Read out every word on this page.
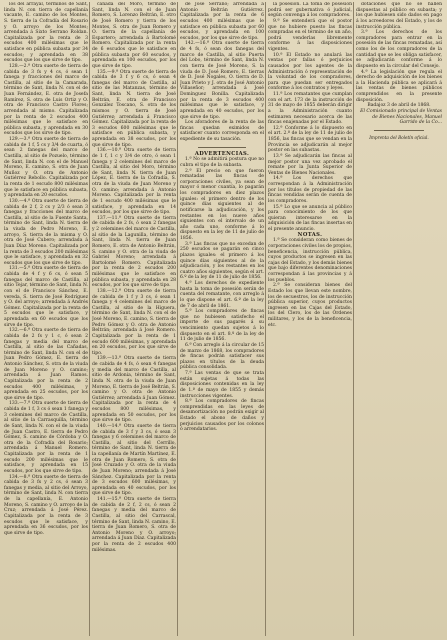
los del arrayal, términos de Sant, linda N. con tierra de capellanía vacante, E. camino de los Montes, S. tierra de la Cofradía del Rosario y O. arroyo de los Montes; arrendada á Sixto Serrano Roldan. Capitalizada por la renta de 3 escudos 400 milésimas que le satisface en pública subasta por 34 escudos; y aprendada en 38 escudos que los que sirve de tipo.

128.—2.ª Otra suerte de tierra de cabida de 3 fs y 4 cs, ó sean 1 fanega y fracciones del marco de Castilla, al sitio de la Camarada, término de Sant, linda N. con el de Juan Fernández, E. otra de Josefa Ramírez, S. otra de Luis Ortiz y O. otra de Francisco Castro Flores; arrendada al mismo. Capitalizada por la renta de 2 escudos 400 milésimas que le satisface en pública subasta, y aprendada en 30 escudos que los sirve de tipo.

129.—3.ª Otra suerte de tierra de cabida de 1 f, 5 cs y 3/4 de cuarta, ó sean 2 fanegas del marco de Castilla, al sitio de Pozuelo, término de Sant, linda N. con el de Manuel Moreno, E. camino, S. otra de Juan Muñoz y O. otra de Antonio Gutiérrez Rebollo. Capitalizada por la renta de 1 escudo 800 milésimas que le satisface en pública subasta, y aprendada en 20 escudos.

130.—4.ª Otra suerte de tierra de cabida de 2 f, 2 cs y 2/3 ó sean 3 fanegas y fracciones del marco de Castilla, al sitio de la Fuente Santa, término de Sant, linda N. tierra de la viuda de Pedro Moreno, E. arroyo, S. tierra de la misma y O. otra de José Cubero; arrendada á Juan Díaz Moreno. Capitalizada por la renta de 3 escudos 200 milésimas que le satisface, y aprendada en 32 escudos que los que sirve de tipo.

131.—5.ª Otra suerte de tierra de cabida de 4 f y 6 cs, ó sean 5 fanegas del marco de Castilla, al sitio Tejar, término de Sant, linda N. con el de Francisco Sánchez, E. vereda, S. tierra de José Rodríguez y O. del arroyo; arrendada á Andrés Gómez. Capitalizada por la renta de 5 escudos que le satisface, y aprendada en 60 escudos que los sirve de tipo.

132.—6.ª Otra suerte de tierra de cabida de 2 fs y 1 c, ó sean 2 fanegas y media del marco de Castilla, al sitio de las Cañadas, término de Sant, linda N. con el de Juan Pedro Gómez, E. tierra de Antonio Sánchez, S. otra de la viuda de Juan Moreno y O. camino; arrendada á Juan Ramos. Capitalizada por la renta de 2 escudos 400 milésimas, y aprendada en 25 escudos, por los que sirve de tipo.

133.—7.ª Otra suerte de tierra de cabida de 1 f, 3 cs ó sean 1 fanega y 3 celemines del marco de Castilla, al sitio de la Carrasquilla, término de Sant, linda N. con el de la viuda de Juan Castro, E. tierra de Pedro Gómez, S. camino de Córdoba y O. otra de la Cofradía del Rosario; arrendada á Manuel Romero. Capitalizada por la renta de 1 escudo 200 milésimas que le satisface, y aprendada en 15 escudos, por los que sirve de tipo.

134.—8.ª Otra suerte de tierra de cabida de 3 fs y 2 cs, ó sean 3 fanegas y media, al sitio del Arroyo, término de Sant, linda N. con tierra de la capellanía, E. Antonio Moreno, S. camino y O. arroyo de la Cruz; arrendada á José Pérez. Capitalizada por la renta de 3 escudos que le satisface, y aprendada en 36 escudos, por los que sirve de tipo.

cañada del Moro, término de Sant, linda N. con el de Juan Romero, S. Lorenzo Beltrán, E. otro de José Romero y tierra de los Montes, S. otra de Juan Romero y O. tierra de la capellanía de Espartero; arrendada á Bartolomé Romero. Capitalizada por la renta de 6 escudos que le satisface en pública subasta por 60 escudos, y aprendada en 100 escudos, por los que sirve de tipo.

135.—9.ª Otra suerte de tierra de cabida de 3 f y 6 cs, ó sean 4 fanegas del marco de Castilla, al sitio de las Matanzas, término de Sant, linda N. tierra de José Beltrán, E. otra de Francisco González Toscano, S. otra de los mismos y O. tierra de José Gutiérrez; arrendada á Francisco Gómez. Capitalizada por la renta de 3 escudos 600 milésimas que le satisface en pública subasta, y aprendada en 38 escudos, por los que sirve de tipo.

136.—10.ª Otra suerte de tierra de 1 f, 1 c y 3/4 de otro, ó sean 1 fanega y 2 celemines del marco de Castilla, al sitio del Moro, término de Sant, linda N. tierra de Juan López, E. tierra de la Cofradía, S. otra de la viuda de Juan Moreno y O. camino; arrendada á Antonio Moreno. Capitalizada por la renta de 1 escudo 400 milésimas que le satisface, y aprendada en 14 escudos, por los que sirve de tipo.

137.—11.ª Otra suerte de tierra de cabida de 2 fs, ó sean 2 fanegas y 2 celemines del marco de Castilla, al sitio de la Lagunilla, término de Sant, linda N. tierra de Juan Romero, E. otra de Antonio Beltrán, S. camino y O. otra de la viuda de Gabriel Moreno; arrendada á Bartolomé Romero. Capitalizada por la renta de 2 escudos 200 milésimas que le satisface en pública subasta, y aprendada en 28 escudos, por los que sirve de tipo.

138.—12.ª Otra suerte de tierra de cabida de 1 f y 3 cs, ó sean 1 fanega y 4 celemines del marco de Castilla, al sitio de la Higuera, término de Sant, linda N. con el de José Moreno, E. camino, S. tierra de Pedro Gómez y O. otra de Antonio Beltrán; arrendada á José Romero. Capitalizada por la renta de 1 escudo 600 milésimas, y aprendada en 20 escudos, por los que sirve de tipo.

139.—13.ª Otra suerte de tierra de cabida de 4 fs, ó sean 4 fanegas y media del marco de Castilla, al sitio de Ardonia, término de Sant, linda N. otra de la viuda de Juan Moreno, E. tierra de José Beltrán, S. camino y O. otra de Antonio Gutiérrez; arrendada á Juan Gómez. Capitalizada por la renta de 4 escudos 800 milésimas, y aprendada en 50 escudos, por los que sirve de tipo.

140.—14.ª Otra suerte de tierra de cabida de 3 f y 3 cs, ó sean 3 fanegas y 6 celemines del marco de Castilla, al sitio del Cerrillo, término de Sant, linda N. tierra de la capellanía de Martín Martínez, E. otra de Juan Romero, S. otra de José Cruzado y O. otra de la viuda de Juan Moreno; arrendada á José Sánchez. Capitalizada por la renta de 3 escudos 600 milésimas, y aprendada en 40 escudos, por los que sirve de tipo.

141.—15.ª Otra suerte de tierra de cabida de 2 f, 2 cs, ó sean 2 fanegas y media del marco de Castilla, al sitio del Carrascal, término de Sant, linda N. camino, E. tierra de Juan Romero, S. otra de Antonio Moreno y O. arroyo; arrendada á Juan Díaz. Capitalizada por la renta de 2 escudos 400 milésimas.

de José Serrano; arrendada á Antonio Beltrán Gutiérrez. Capitalizada por la renta de 6 escudos 400 milésimas que le satisface en pública subasta por 60 escudos, y aprendada en 100 escudos, por los que sirve de tipo.

142.—16.ª Otra suerte de tierra de 4 fs, ó sean dos fanegas del marco de Castilla, al sitio Puerta del Lobo, término de Sant, linda N. con tierra de José Moreno, S. la viuda de D. José Romero, E. tierras de D. José Nogales, O. tierra de D. Juan Prieto y J. otra de José Antonio Villaseñor; arrendada á José Domínguez Bonilla. Capitalizada por la renta de 3 escudos 400 milésimas que le satisface, y aprendada en 40 escudos, por los que sirve de tipo.

Los aforadores de la renta de las fincas quedan eximidos de satisfacer cuanto corresponda en el expediente de su tasación.

ADVERTENCIAS.

1.ª No se admitirá postura que no cubra el tipo de la subasta.

2.ª El precio en que fueron rematadas las fincas de corporaciones civiles, ya sean de mayor ó menor cuantía, lo pagarán los compradores en diez plazos iguales: el primero dentro de los quince días siguientes al de notificarse la adjudicación, y los restantes en los nueve años siguientes con el intervalo de un año cada uno, conforme á lo dispuesto en la ley de 11 de julio de 1856.

3.ª Las fincas que no excedan de 250 escudos se pagarán en cinco plazos iguales: el primero á los quince días siguientes al de la adjudicación, y los restantes en los cuatro años siguientes, según el art. 6.º de la ley de 11 de julio de 1856.

4.ª Los derechos de expediente hasta la toma de posesión serán de cuenta del rematante, con arreglo á lo que dispone el art. 6.º de la ley de 7 de abril de 1861.

5.ª Los compradores de fincas que no hubiesen satisfecho el importe de sus pagarés á su vencimiento quedan sujetos á lo dispuesto en el art. 8.º de la ley de 11 de julio de 1856.

6.ª Con arreglo á la circular de 15 de marzo de 1868, los compradores de fincas podrán satisfacer sus plazos en títulos de la deuda pública consolidada.

7.ª Las ventas de que se trata están sujetas á todas las disposiciones contenidas en la ley de 1.º de mayo de 1855 y demás instrucciones vigentes.

8.ª Los compradores de fincas comprendidas en las leyes de desamortización no podrán exigir al Estado el abono de daños y perjuicios causados por los colonos ó arrendatarios.

la posesión. La toma de posesión podrá ser gubernativa ó judicial, según convenga á los compradores.

9.ª Se entenderá que el postor que no hubiere puesto las fincas compradas en el término de un año, podrá venderlas libremente conforme á las disposiciones vigentes.

10.ª El Estado no anulará las ventas por fallas ó perjuicios causados por los agentes de la Administración ó representación de la voluntad de los compradores, para que puedan ser entregados conforme á los contratos y leyes.

11.ª Los rematantes que cumplan con el art. 173 de la instrucción de 31 de mayo de 1855 deberán dirigir a la Administración cuanto estimaren necesario acerca de las fincas enajenadas por el Estado.

12.ª Conforme á lo dispuesto en el art. 2.º de la ley de 11 de julio de 1856, las fincas que se vendan en la Provincia se adjudicarán al mejor postor en las subastas.

13.ª Se adjudicarán las fincas al mejor postor una vez aprobado el remate por la Junta Superior de Ventas de Bienes Nacionales.

14.ª Los derechos que correspondan á la Administración por los títulos de propiedad de las fincas vendidas serán de cuenta de los compradores.

15.ª Lo que se anuncia al público para conocimiento de los que quieran interesarse en la adquisición de las fincas insertas en el presente anuncio.

NOTAS.

1.ª Se consideran como bienes de corporaciones civiles los de propios, beneficencia, instrucción pública, cuyos productos se ingresen en las cajas del Estado, y los demás bienes que bajo diferentes denominaciones correspondan á las provincias y á los pueblos.

2.ª Se consideran bienes del Estado los que llevan este nombre, los de secuestros, los de instrucción pública superior, cuyos productos ingresen en las Cajas del Estado, los del Clero, los de las Órdenes militares, y los de la beneficencia, etc.

dotaciones que no se hallen dispuestas al público en subasta; y los que hubiesen sido dados en pago á los acreedores del Estado, y los de instrucción pública.

3.ª Los derechos de los compradores para entrar en la posesión de las fincas rematadas, así como los de los compradores de la cantidad que se les obliga satisfacer, se adjudicarán conforme á lo dispuesto en la circular del Consejo.

4.ª La legislación que regula el derecho de adquisición de los bienes a la Hacienda pública se aplicará á las ventas de bienes públicos comprendidos en la presente disposición.

Badajoz 3 de abril de 1868.

El Comisionado principal de Ventas de Bienes Nacionales, Manuel Garrido de la Co...

Imprenta del Boletín oficial.
